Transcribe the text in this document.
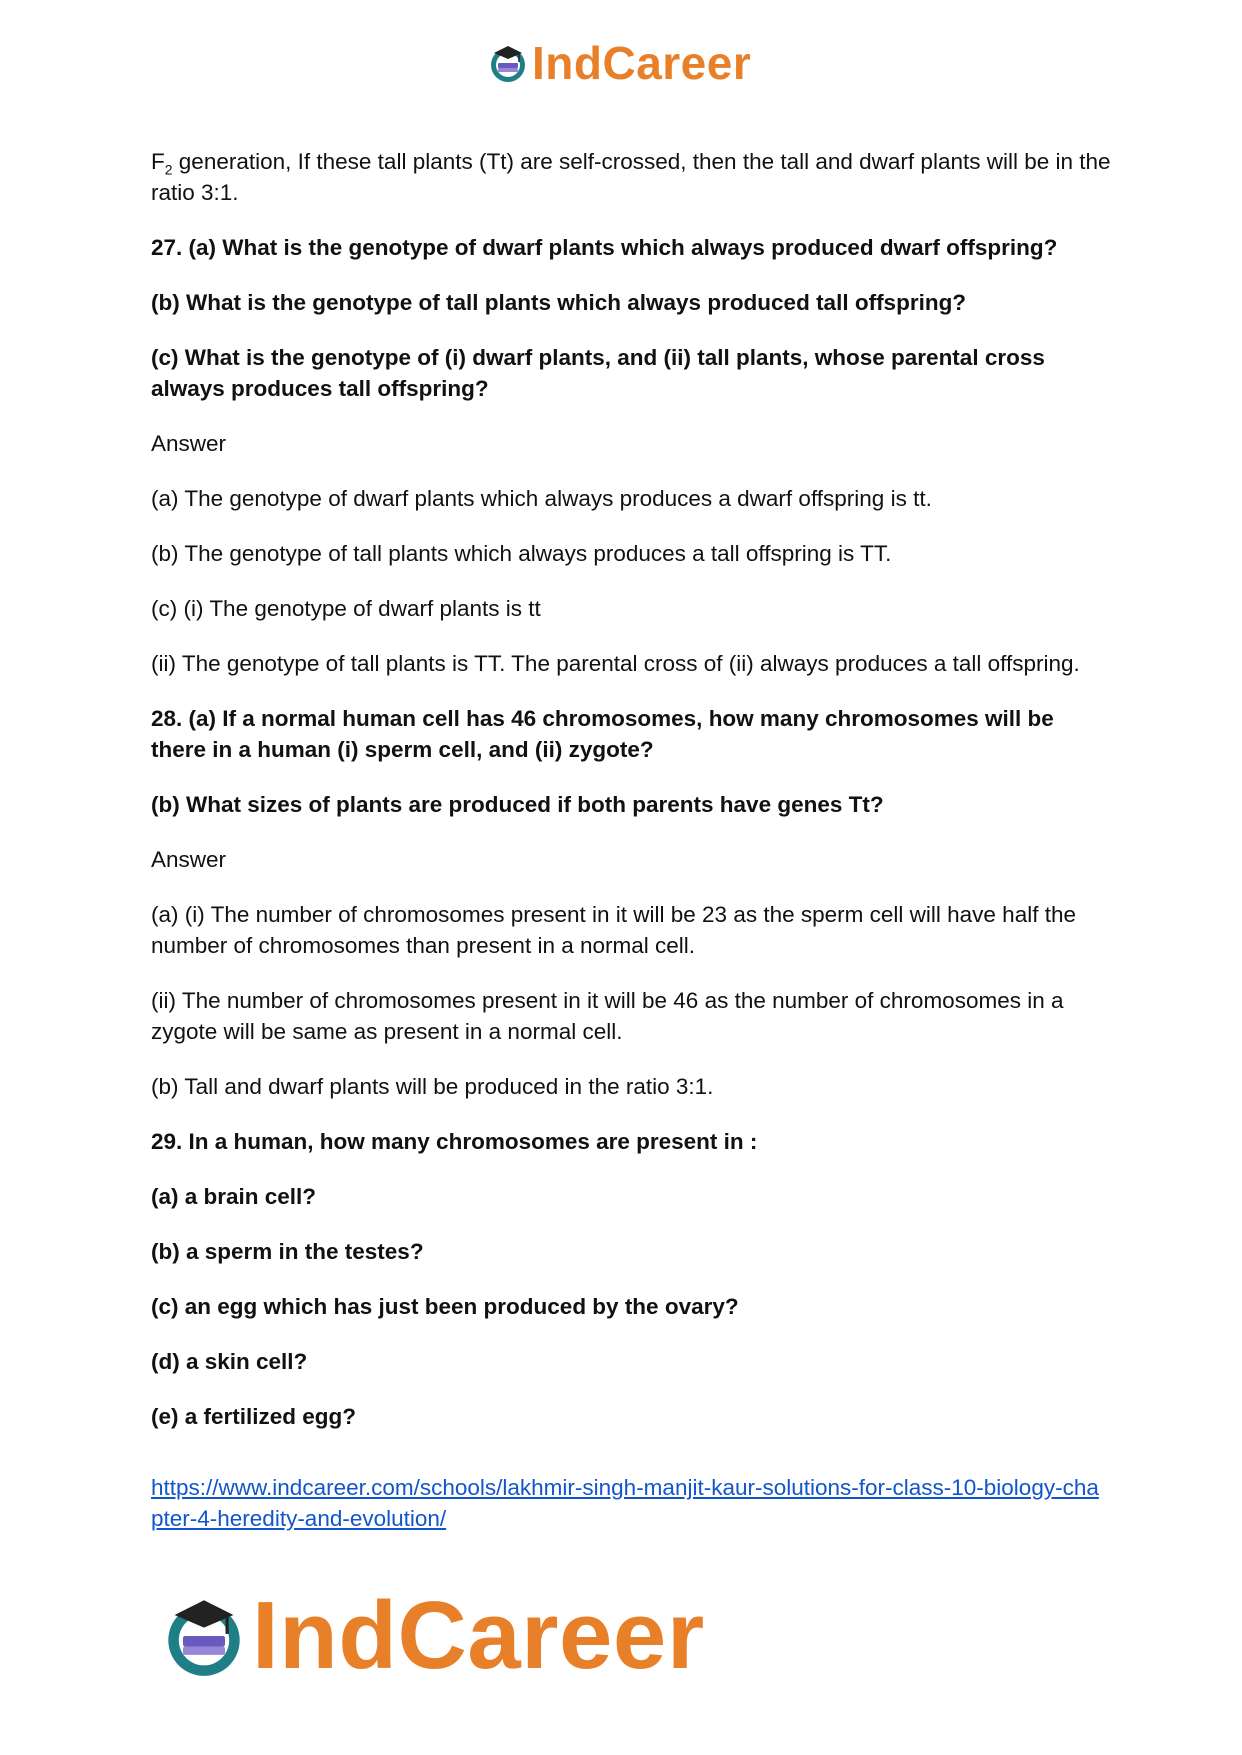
IndCareer

$F_2$ generation, If these tall plants (Tt) are self-crossed, then the tall and dwarf plants will be in the ratio 3:1.

27. (a) What is the genotype of dwarf plants which always produced dwarf offspring?

(b) What is the genotype of tall plants which always produced tall offspring?

(c) What is the genotype of (i) dwarf plants, and (ii) tall plants, whose parental cross always produces tall offspring?

Answer

(a) The genotype of dwarf plants which always produces a dwarf offspring is tt.

(b) The genotype of tall plants which always produces a tall offspring is TT.

(c) (i) The genotype of dwarf plants is tt

(ii) The genotype of tall plants is TT. The parental cross of (ii) always produces a tall offspring.

28. (a) If a normal human cell has 46 chromosomes, how many chromosomes will be there in a human (i) sperm cell, and (ii) zygote?

(b) What sizes of plants are produced if both parents have genes Tt?

Answer

(a) (i) The number of chromosomes present in it will be 23 as the sperm cell will have half the number of chromosomes than present in a normal cell.

(ii) The number of chromosomes present in it will be 46 as the number of chromosomes in a zygote will be same as present in a normal cell.

(b) Tall and dwarf plants will be produced in the ratio 3:1.

29. In a human, how many chromosomes are present in :

(a) a brain cell?

(b) a sperm in the testes?

(c) an egg which has just been produced by the ovary?

(d) a skin cell?

(e) a fertilized egg?

https://www.indcareer.com/schools/lakhmir-singh-manjit-kaur-solutions-for-class-10-biology-chapter-4-heredity-and-evolution/
IndCareer
